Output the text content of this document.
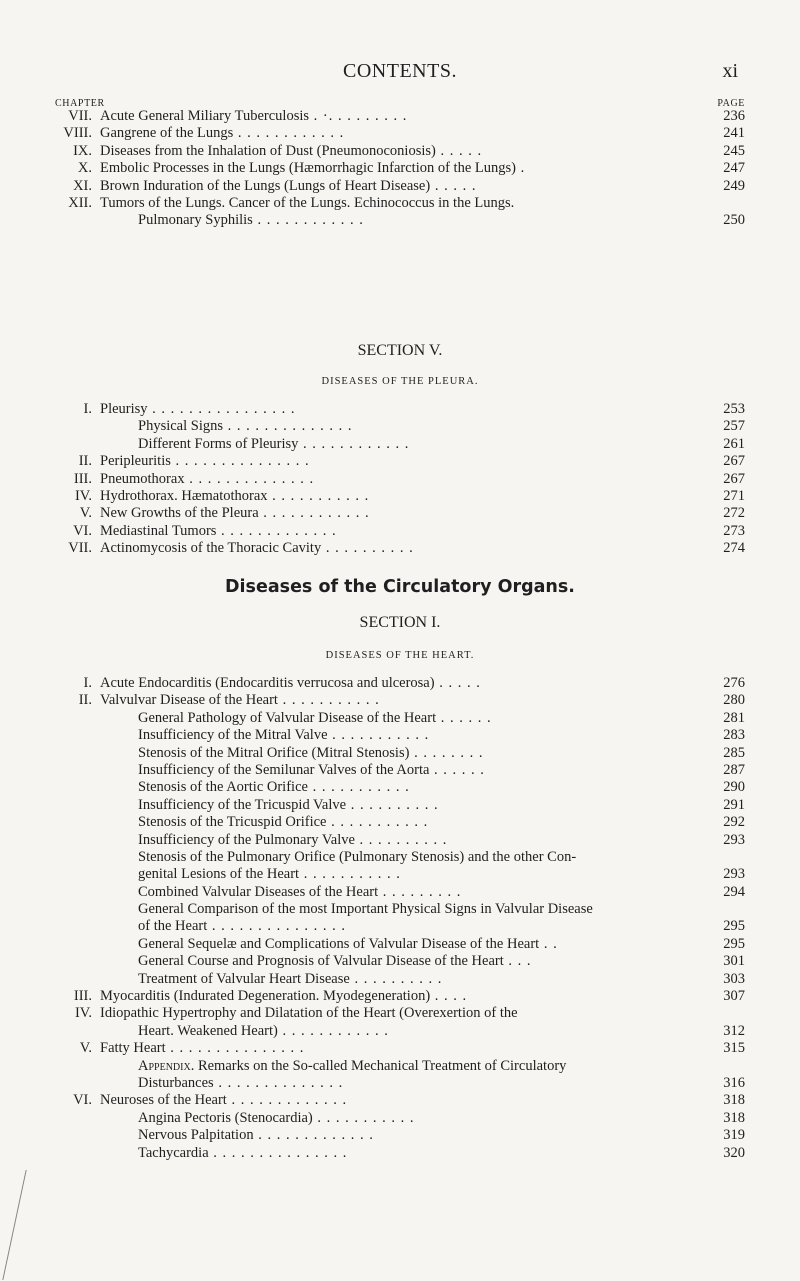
CONTENTS.	xi
CHAPTER	PAGE
VII. Acute General Miliary Tuberculosis . ·. . . . . . . . .	236
VIII. Gangrene of the Lungs . . . . . . . . . . . .	241
IX. Diseases from the Inhalation of Dust (Pneumonoconiosis) . . . . .	245
X. Embolic Processes in the Lungs (Hæmorrhagic Infarction of the Lungs) .	247
XI. Brown Induration of the Lungs (Lungs of Heart Disease) . . . . .	249
XII. Tumors of the Lungs. Cancer of the Lungs. Echinococcus in the Lungs.
Pulmonary Syphilis . . . . . . . . . . . .	250
SECTION V.
DISEASES OF THE PLEURA.
I. Pleurisy . . . . . . . . . . . . . . . .	253
Physical Signs . . . . . . . . . . . . . .	257
Different Forms of Pleurisy . . . . . . . . . . . .	261
II. Peripleuritis . . . . . . . . . . . . . . .	267
III. Pneumothorax . . . . . . . . . . . . . .	267
IV. Hydrothorax. Hæmatothorax . . . . . . . . . . .	271
V. New Growths of the Pleura . . . . . . . . . . . .	272
VI. Mediastinal Tumors . . . . . . . . . . . . .	273
VII. Actinomycosis of the Thoracic Cavity . . . . . . . . . .	274
Diseases of the Circulatory Organs.
SECTION I.
DISEASES OF THE HEART.
I. Acute Endocarditis (Endocarditis verrucosa and ulcerosa) . . . . .	276
II. Valvulvar Disease of the Heart . . . . . . . . . . .	280
General Pathology of Valvular Disease of the Heart . . . . . .	281
Insufficiency of the Mitral Valve . . . . . . . . . . .	283
Stenosis of the Mitral Orifice (Mitral Stenosis) . . . . . . . .	285
Insufficiency of the Semilunar Valves of the Aorta . . . . . .	287
Stenosis of the Aortic Orifice . . . . . . . . . . .	290
Insufficiency of the Tricuspid Valve . . . . . . . . . .	291
Stenosis of the Tricuspid Orifice . . . . . . . . . . .	292
Insufficiency of the Pulmonary Valve . . . . . . . . . .	293
Stenosis of the Pulmonary Orifice (Pulmonary Stenosis) and the other Con-
genital Lesions of the Heart . . . . . . . . . . .	293
Combined Valvular Diseases of the Heart . . . . . . . . .	294
General Comparison of the most Important Physical Signs in Valvular Disease
of the Heart . . . . . . . . . . . . . . .	295
General Sequelæ and Complications of Valvular Disease of the Heart . .	295
General Course and Prognosis of Valvular Disease of the Heart . . .	301
Treatment of Valvular Heart Disease . . . . . . . . . .	303
III. Myocarditis (Indurated Degeneration. Myodegeneration) . . . .	307
IV. Idiopathic Hypertrophy and Dilatation of the Heart (Overexertion of the
Heart. Weakened Heart) . . . . . . . . . . . .	312
V. Fatty Heart . . . . . . . . . . . . . . .	315
Appendix. Remarks on the So-called Mechanical Treatment of Circulatory
Disturbances . . . . . . . . . . . . . .	316
VI. Neuroses of the Heart . . . . . . . . . . . . .	318
Angina Pectoris (Stenocardia) . . . . . . . . . . .	318
Nervous Palpitation . . . . . . . . . . . . .	319
Tachycardia . . . . . . . . . . . . . . .	320
